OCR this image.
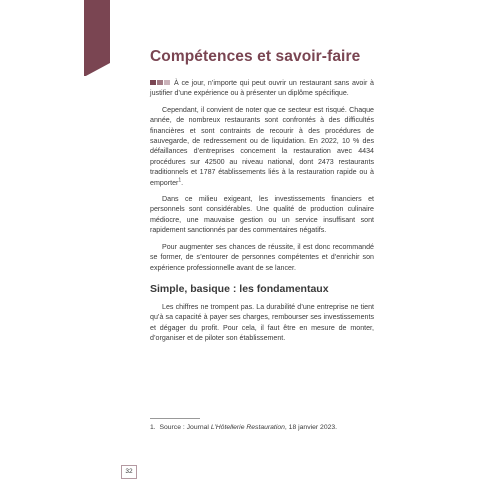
Compétences et savoir-faire

À ce jour, n’importe qui peut ouvrir un restaurant sans avoir à justifier d’une expérience ou à présenter un diplôme spécifique.

Cependant, il convient de noter que ce secteur est risqué. Chaque année, de nombreux restaurants sont confrontés à des difficultés financières et sont contraints de recourir à des procédures de sauvegarde, de redressement ou de liquidation. En 2022, 10 % des défaillances d’entreprises concernent la restauration avec 4434 procédures sur 42500 au niveau national, dont 2473 restaurants traditionnels et 1787 établissements liés à la restauration rapide ou à emporter$^1$.

Dans ce milieu exigeant, les investissements financiers et personnels sont considérables. Une qualité de production culinaire médiocre, une mauvaise gestion ou un service insuffisant sont rapidement sanctionnés par des commentaires négatifs.

Pour augmenter ses chances de réussite, il est donc recommandé se former, de s’entourer de personnes compétentes et d’enrichir son expérience professionnelle avant de se lancer.

Simple, basique : les fondamentaux

Les chiffres ne trompent pas. La durabilité d’une entreprise ne tient qu’à sa capacité à payer ses charges, rembourser ses investissements et dégager du profit. Pour cela, il faut être en mesure de monter, d’organiser et de piloter son établissement.

1. Source : Journal L’Hôtellerie Restauration, 18 janvier 2023.
32
